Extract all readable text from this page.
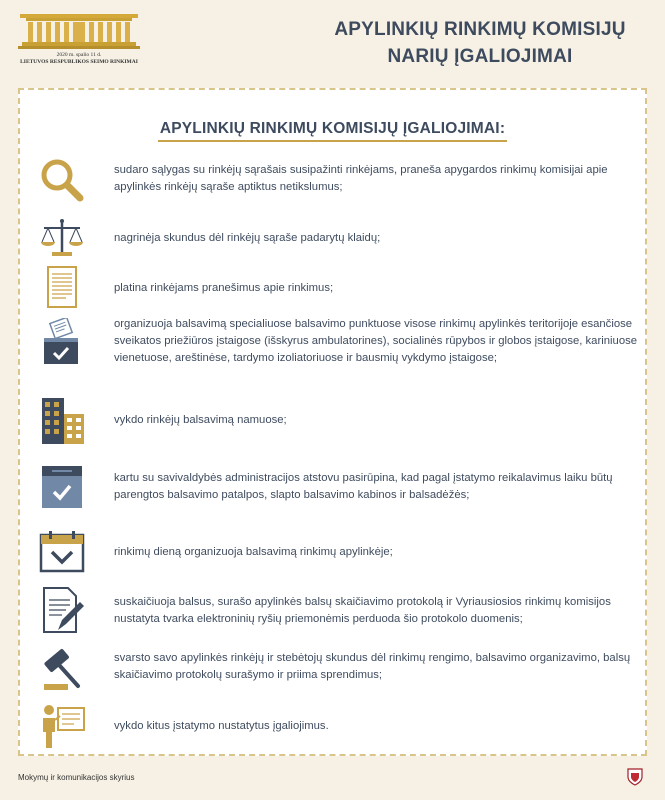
2020 m. spalio 11 d.
LIETUVOS RESPUBLIKOS SEIMO RINKIMAI
APYLINKIŲ RINKIMŲ KOMISIJŲ
NARIŲ ĮGALIOJIMAI
APYLINKIŲ RINKIMŲ KOMISIJŲ ĮGALIOJIMAI:
sudaro sąlygas su rinkėjų sąrašais susipažinti rinkėjams, praneša apygardos rinkimų komisijai apie apylinkės rinkėjų sąraše aptiktus netikslumus;
nagrinėja skundus dėl rinkėjų sąraše padarytų klaidų;
platina rinkėjams pranešimus apie rinkimus;
organizuoja balsavimą specialiuose balsavimo punktuose visose rinkimų apylinkės teritorijoje esančiose sveikatos priežiūros įstaigose (išskyrus ambulatorines), socialinės rūpybos ir globos įstaigose, kariniuose vienetuose, areštinėse, tardymo izoliatoriuose ir bausmių vykdymo įstaigose;
vykdo rinkėjų balsavimą namuose;
kartu su savivaldybės administracijos atstovu pasirūpina, kad pagal įstatymo reikalavimus laiku būtų parengtos balsavimo patalpos, slapto balsavimo kabinos ir balsadėžės;
rinkimų dieną organizuoja balsavimą rinkimų apylinkėje;
suskaičiuoja balsus, surašo apylinkės balsų skaičiavimo protokolą ir Vyriausiosios rinkimų komisijos nustatyta tvarka elektroninių ryšių priemonėmis perduoda šio protokolo duomenis;
svarsto savo apylinkės rinkėjų ir stebėtojų skundus dėl rinkimų rengimo, balsavimo organizavimo, balsų skaičiavimo protokolų surašymo ir priima sprendimus;
vykdo kitus įstatymo nustatytus įgaliojimus.
Mokymų ir komunikacijos skyrius
